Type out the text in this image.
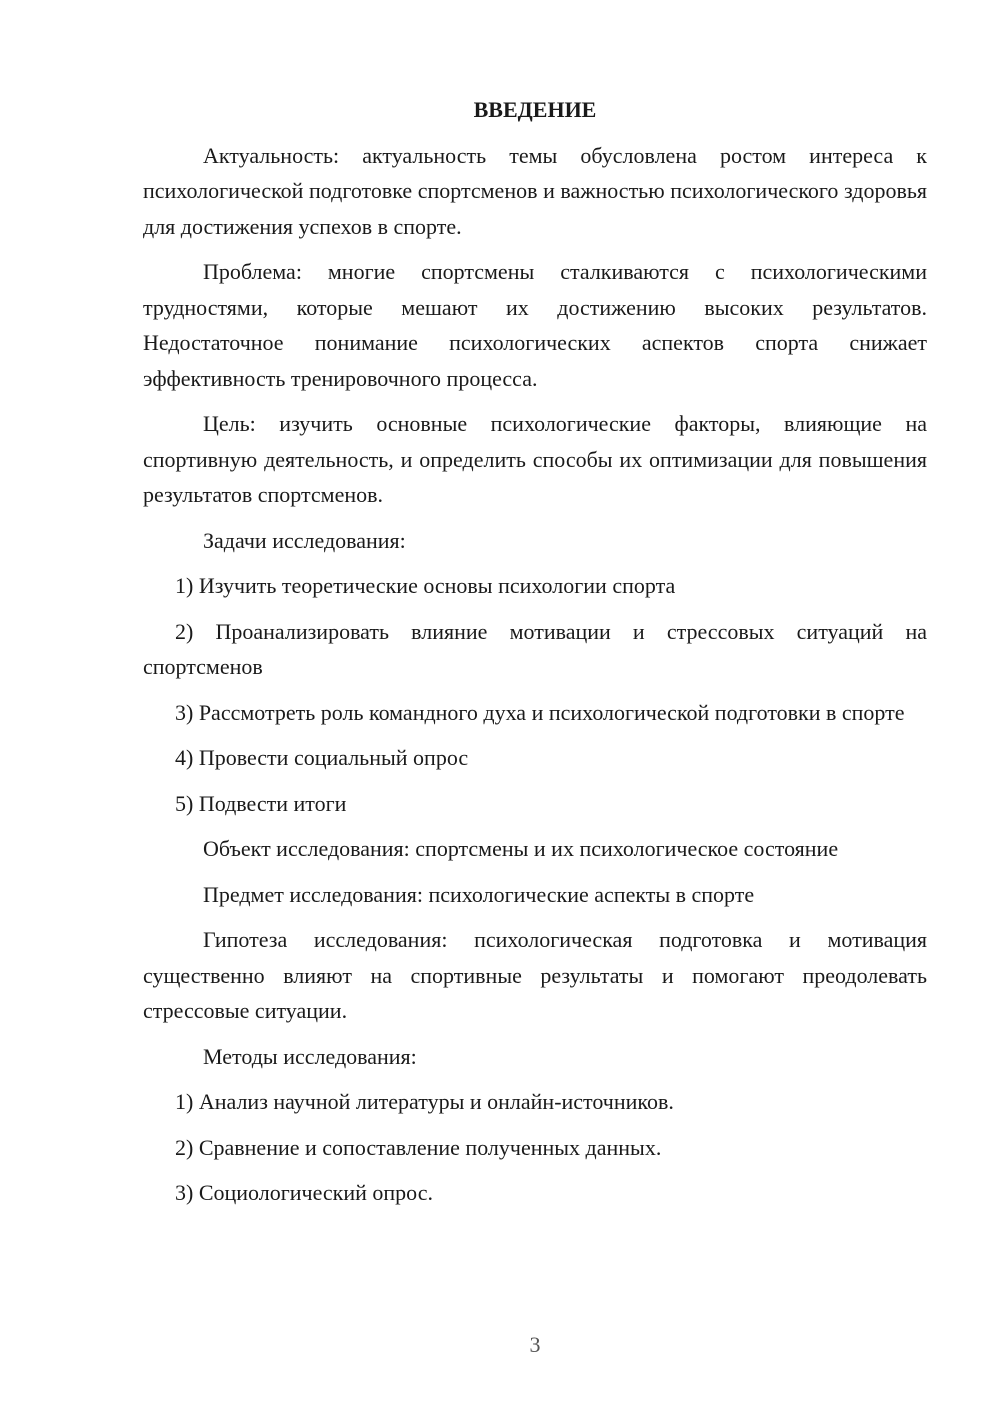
ВВЕДЕНИЕ

Актуальность: актуальность темы обусловлена ростом интереса к психологической подготовке спортсменов и важностью психологического здоровья для достижения успехов в спорте.

Проблема: многие спортсмены сталкиваются с психологическими трудностями, которые мешают их достижению высоких результатов. Недостаточное понимание психологических аспектов спорта снижает эффективность тренировочного процесса.

Цель: изучить основные психологические факторы, влияющие на спортивную деятельность, и определить способы их оптимизации для повышения результатов спортсменов.

Задачи исследования:

1) Изучить теоретические основы психологии спорта

2) Проанализировать влияние мотивации и стрессовых ситуаций на спортсменов

3) Рассмотреть роль командного духа и психологической подготовки в спорте

4) Провести социальный опрос

5) Подвести итоги

Объект исследования: спортсмены и их психологическое состояние

Предмет исследования: психологические аспекты в спорте

Гипотеза исследования: психологическая подготовка и мотивация существенно влияют на спортивные результаты и помогают преодолевать стрессовые ситуации.

Методы исследования:

1) Анализ научной литературы и онлайн-источников.

2) Сравнение и сопоставление полученных данных.

3) Социологический опрос.

3
